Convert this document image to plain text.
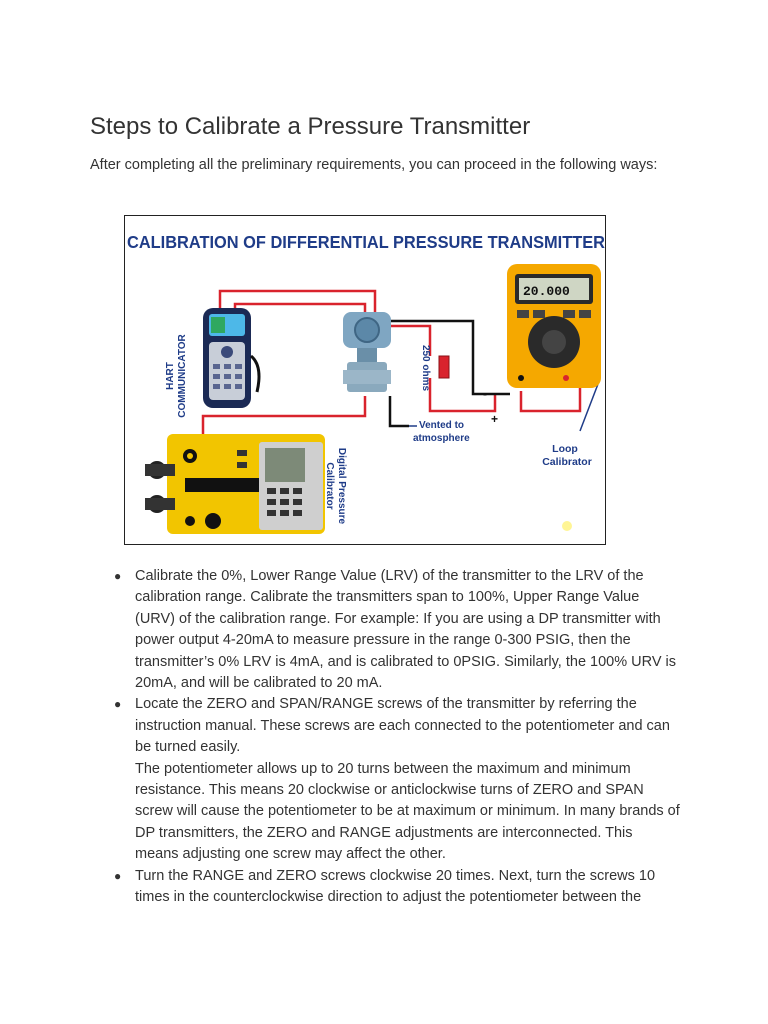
Steps to Calibrate a Pressure Transmitter

After completing all the preliminary requirements, you can proceed in the following ways:

CALIBRATION OF DIFFERENTIAL PRESSURE TRANSMITTER
HART COMMUNICATOR	250 ohms
Vented to
atmosphere
20.000
-
+
Loop
Calibrator
Digital Pressure
Calibrator
● Calibrate the 0%, Lower Range Value (LRV) of the transmitter to the LRV of the calibration range. Calibrate the transmitters span to 100%, Upper Range Value (URV) of the calibration range. For example: If you are using a DP transmitter with power output 4-20mA to measure pressure in the range 0-300 PSIG, then the transmitter’s 0% LRV is 4mA, and is calibrated to 0PSIG. Similarly, the 100% URV is 20mA, and will be calibrated to 20 mA.

● Locate the ZERO and SPAN/RANGE screws of the transmitter by referring the instruction manual. These screws are each connected to the potentiometer and can be turned easily.

The potentiometer allows up to 20 turns between the maximum and minimum resistance. This means 20 clockwise or anticlockwise turns of ZERO and SPAN screw will cause the potentiometer to be at maximum or minimum. In many brands of DP transmitters, the ZERO and RANGE adjustments are interconnected. This means adjusting one screw may affect the other.

● Turn the RANGE and ZERO screws clockwise 20 times. Next, turn the screws 10 times in the counterclockwise direction to adjust the potentiometer between the
